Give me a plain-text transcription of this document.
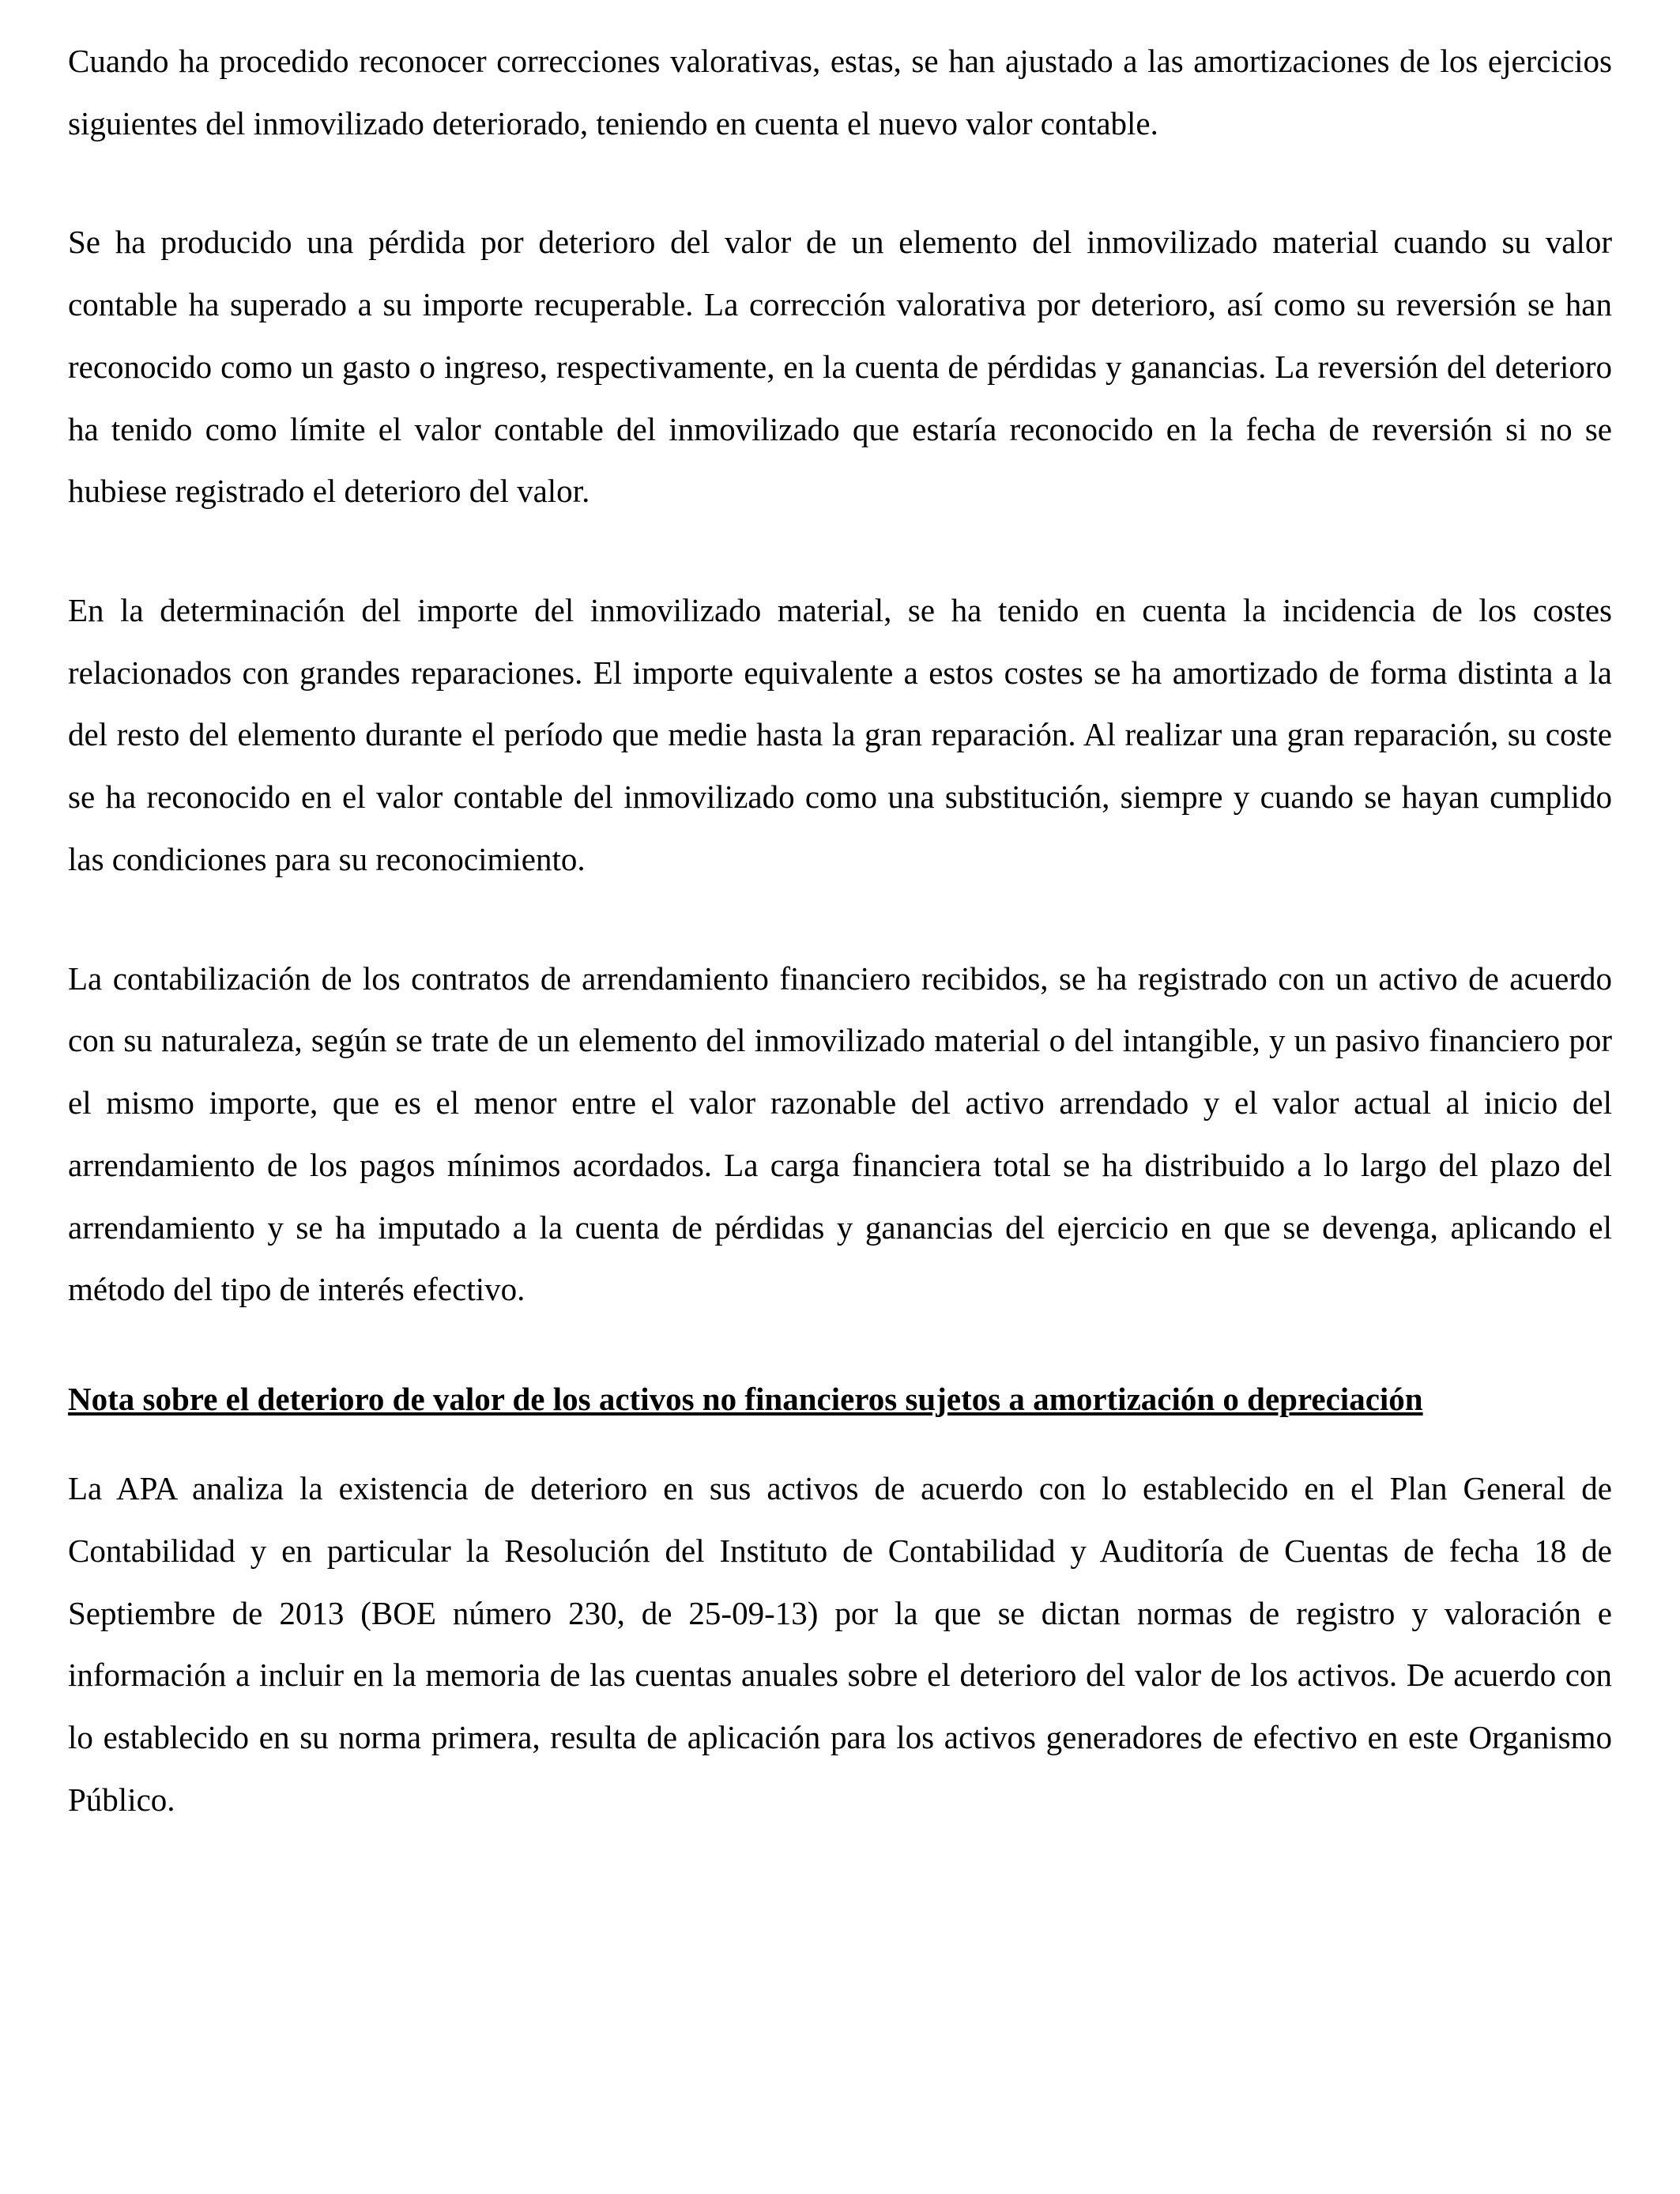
Cuando ha procedido reconocer correcciones valorativas, estas, se han ajustado a las amortizaciones de los ejercicios siguientes del inmovilizado deteriorado, teniendo en cuenta el nuevo valor contable.

Se ha producido una pérdida por deterioro del valor de un elemento del inmovilizado material cuando su valor contable ha superado a su importe recuperable. La corrección valorativa por deterioro, así como su reversión se han reconocido como un gasto o ingreso, respectivamente, en la cuenta de pérdidas y ganancias. La reversión del deterioro ha tenido como límite el valor contable del inmovilizado que estaría reconocido en la fecha de reversión si no se hubiese registrado el deterioro del valor.

En la determinación del importe del inmovilizado material, se ha tenido en cuenta la incidencia de los costes relacionados con grandes reparaciones. El importe equivalente a estos costes se ha amortizado de forma distinta a la del resto del elemento durante el período que medie hasta la gran reparación. Al realizar una gran reparación, su coste se ha reconocido en el valor contable del inmovilizado como una substitución, siempre y cuando se hayan cumplido las condiciones para su reconocimiento.

La contabilización de los contratos de arrendamiento financiero recibidos, se ha registrado con un activo de acuerdo con su naturaleza, según se trate de un elemento del inmovilizado material o del intangible, y un pasivo financiero por el mismo importe, que es el menor entre el valor razonable del activo arrendado y el valor actual al inicio del arrendamiento de los pagos mínimos acordados. La carga financiera total se ha distribuido a lo largo del plazo del arrendamiento y se ha imputado a la cuenta de pérdidas y ganancias del ejercicio en que se devenga, aplicando el método del tipo de interés efectivo.

Nota sobre el deterioro de valor de los activos no financieros sujetos a amortización o depreciación

La APA analiza la existencia de deterioro en sus activos de acuerdo con lo establecido en el Plan General de Contabilidad y en particular la Resolución del Instituto de Contabilidad y Auditoría de Cuentas de fecha 18 de Septiembre de 2013 (BOE número 230, de 25-09-13) por la que se dictan normas de registro y valoración e información a incluir en la memoria de las cuentas anuales sobre el deterioro del valor de los activos. De acuerdo con lo establecido en su norma primera, resulta de aplicación para los activos generadores de efectivo en este Organismo Público.
